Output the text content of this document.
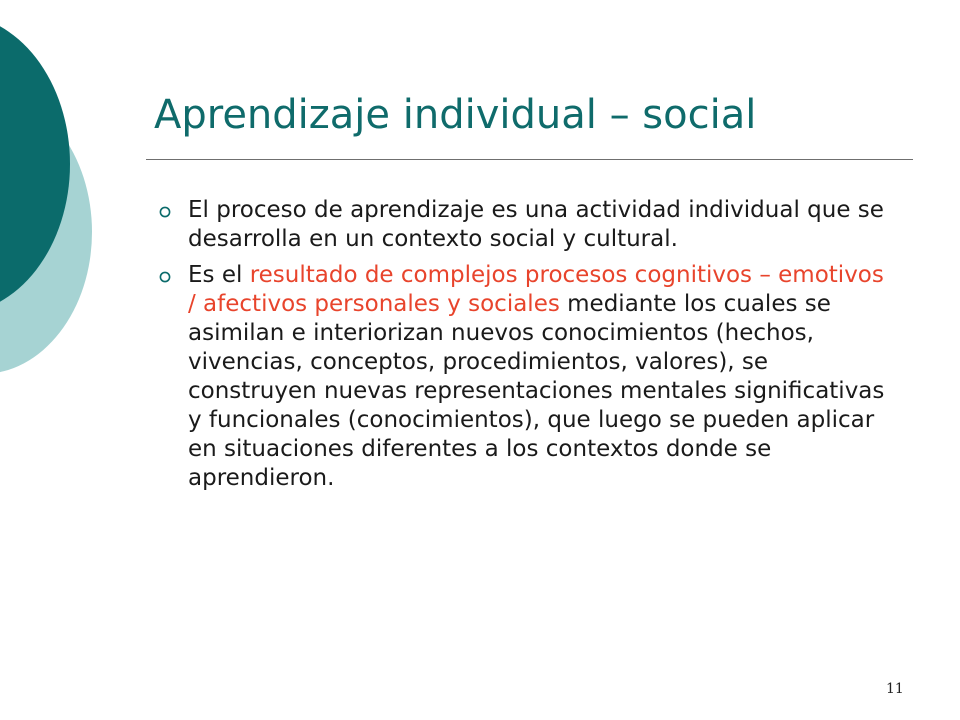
Aprendizaje individual – social
El proceso de aprendizaje es una actividad individual que se desarrolla en un contexto social y cultural.
Es el resultado de complejos procesos cognitivos – emotivos / afectivos personales y sociales mediante los cuales se asimilan e interiorizan nuevos conocimientos (hechos, vivencias, conceptos, procedimientos, valores), se construyen nuevas representaciones mentales significativas y funcionales (conocimientos), que luego se pueden aplicar en situaciones diferentes a los contextos donde se aprendieron.
11
